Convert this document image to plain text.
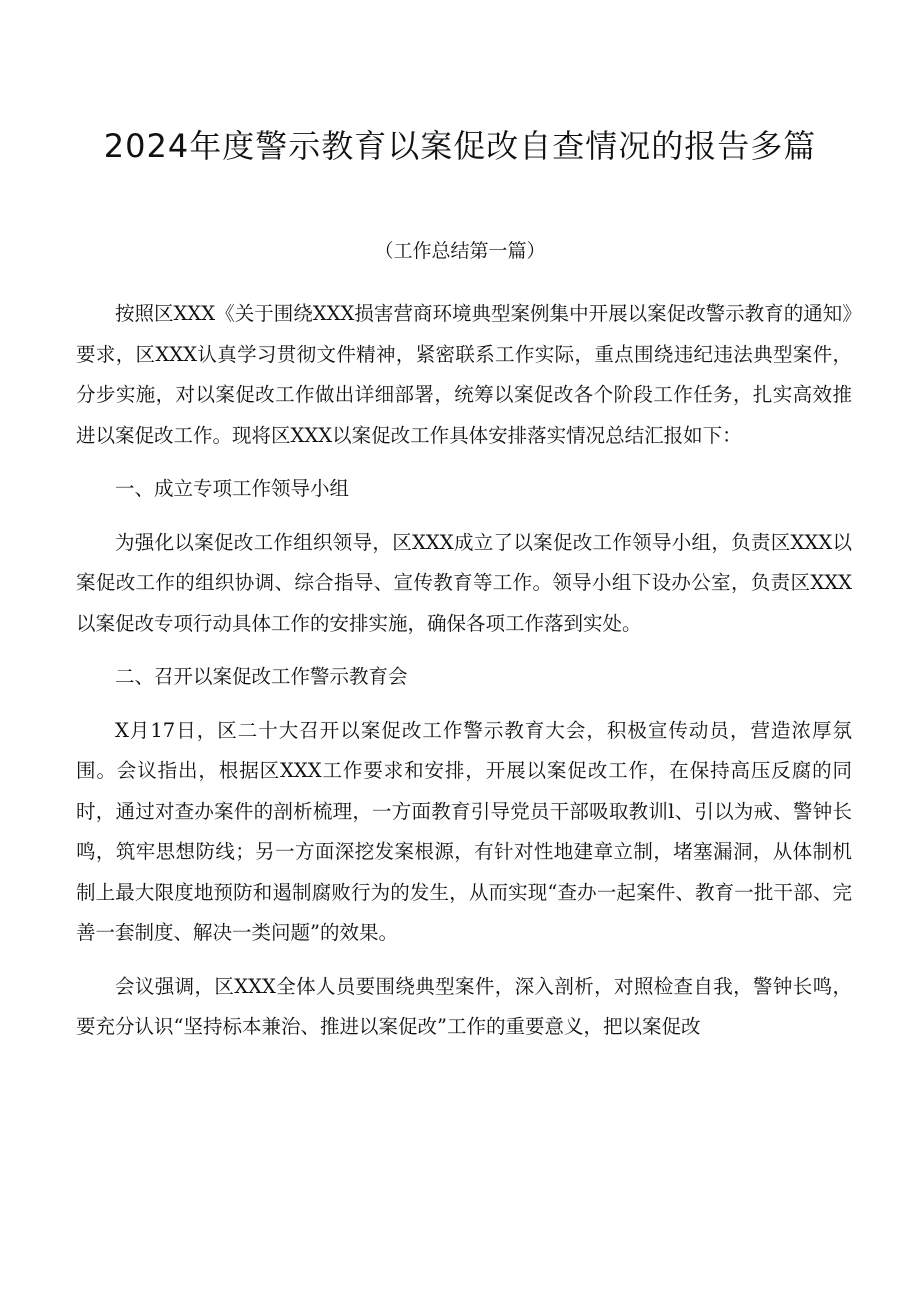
2024年度警示教育以案促改自查情况的报告多篇

（工作总结第一篇）

按照区XXX《关于围绕XXX损害营商环境典型案例集中开展以案促改警示教育的通知》要求，区XXX认真学习贯彻文件精神，紧密联系工作实际，重点围绕违纪违法典型案件，分步实施，对以案促改工作做出详细部署，统筹以案促改各个阶段工作任务，扎实高效推进以案促改工作。现将区XXX以案促改工作具体安排落实情况总结汇报如下：

一、成立专项工作领导小组

为强化以案促改工作组织领导，区XXX成立了以案促改工作领导小组，负责区XXX以案促改工作的组织协调、综合指导、宣传教育等工作。领导小组下设办公室，负责区XXX以案促改专项行动具体工作的安排实施，确保各项工作落到实处。

二、召开以案促改工作警示教育会

X月17日，区二十大召开以案促改工作警示教育大会，积极宣传动员，营造浓厚氛围。会议指出，根据区XXX工作要求和安排，开展以案促改工作，在保持高压反腐的同时，通过对查办案件的剖析梳理，一方面教育引导党员干部吸取教训l、引以为戒、警钟长鸣，筑牢思想防线；另一方面深挖发案根源，有针对性地建章立制，堵塞漏洞，从体制机制上最大限度地预防和遏制腐败行为的发生，从而实现“查办一起案件、教育一批干部、完善一套制度、解决一类问题”的效果。

会议强调，区XXX全体人员要围绕典型案件，深入剖析，对照检查自我，警钟长鸣，要充分认识“坚持标本兼治、推进以案促改”工作的重要意义，把以案促改
